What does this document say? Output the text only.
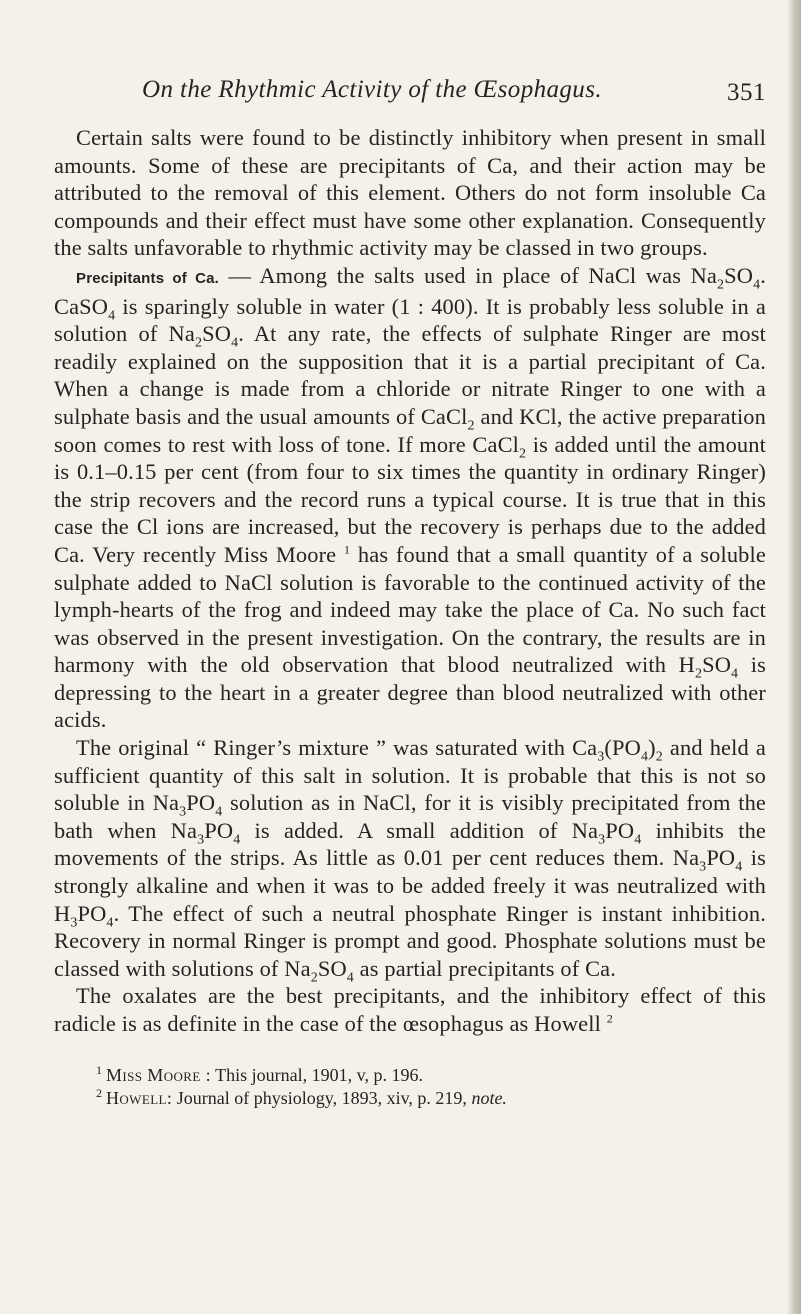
On the Rhythmic Activity of the Œsophagus.	351

Certain salts were found to be distinctly inhibitory when present in small amounts. Some of these are precipitants of Ca, and their action may be attributed to the removal of this element. Others do not form insoluble Ca compounds and their effect must have some other explanation. Consequently the salts unfavorable to rhythmic activity may be classed in two groups.

Precipitants of Ca. — Among the salts used in place of NaCl was $Na_2SO_4$. CaSO$_4$ is sparingly soluble in water (1 : 400). It is probably less soluble in a solution of $Na_2SO_4$. At any rate, the effects of sulphate Ringer are most readily explained on the supposition that it is a partial precipitant of Ca. When a change is made from a chloride or nitrate Ringer to one with a sulphate basis and the usual amounts of CaCl$_2$ and KCl, the active preparation soon comes to rest with loss of tone. If more CaCl$_2$ is added until the amount is 0.1–0.15 per cent (from four to six times the quantity in ordinary Ringer) the strip recovers and the record runs a typical course. It is true that in this case the Cl ions are increased, but the recovery is perhaps due to the added Ca. Very recently Miss Moore $^1$ has found that a small quantity of a soluble sulphate added to NaCl solution is favorable to the continued activity of the lymph-hearts of the frog and indeed may take the place of Ca. No such fact was observed in the present investigation. On the contrary, the results are in harmony with the old observation that blood neutralized with $H_2SO_4$ is depressing to the heart in a greater degree than blood neutralized with other acids.

The original “ Ringer’s mixture ” was saturated with $Ca_3(PO_4)_2$ and held a sufficient quantity of this salt in solution. It is probable that this is not so soluble in $Na_3PO_4$ solution as in NaCl, for it is visibly precipitated from the bath when $Na_3PO_4$ is added. A small addition of $Na_3PO_4$ inhibits the movements of the strips. As little as 0.01 per cent reduces them. $Na_3PO_4$ is strongly alkaline and when it was to be added freely it was neutralized with $H_3PO_4$. The effect of such a neutral phosphate Ringer is instant inhibition. Recovery in normal Ringer is prompt and good. Phosphate solutions must be classed with solutions of $Na_2SO_4$ as partial precipitants of Ca.

The oxalates are the best precipitants, and the inhibitory effect of this radicle is as definite in the case of the œsophagus as Howell $^2$

$^1$ Miss Moore : This journal, 1901, v, p. 196.

$^2$ Howell: Journal of physiology, 1893, xiv, p. 219, note.
